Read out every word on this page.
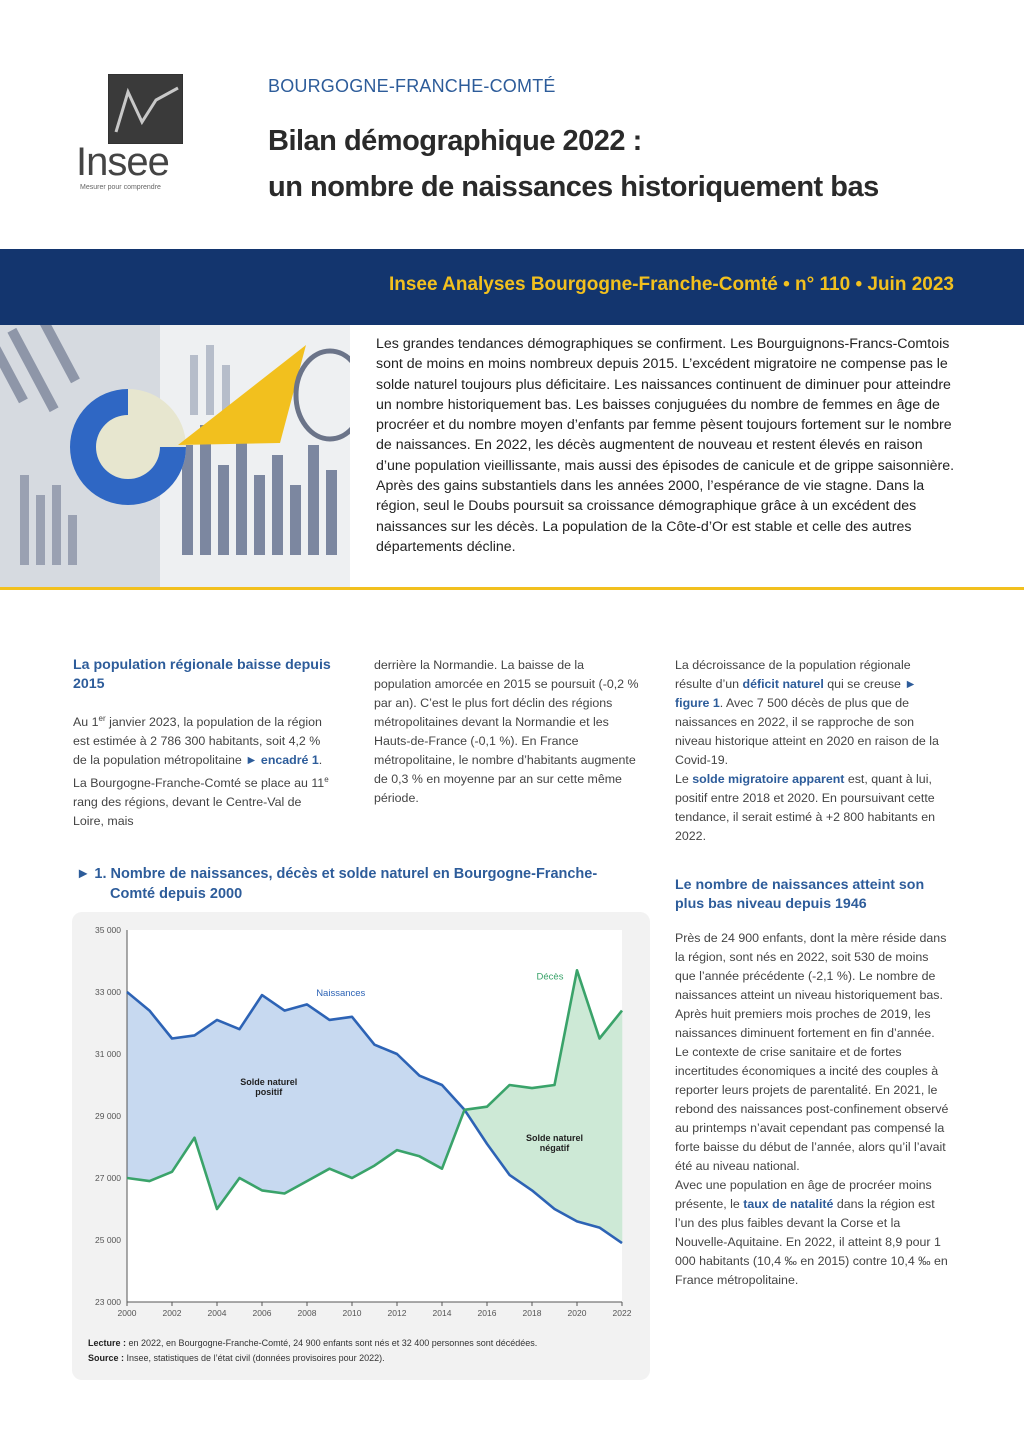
Insee
Mesurer pour comprendre
BOURGOGNE-FRANCHE-COMTÉ
Bilan démographique 2022 :
un nombre de naissances historiquement bas
Insee Analyses Bourgogne-Franche-Comté • n° 110 • Juin 2023
Les grandes tendances démographiques se confirment. Les Bourguignons-Francs-Comtois sont de moins en moins nombreux depuis 2015. L’excédent migratoire ne compense pas le solde naturel toujours plus déficitaire. Les naissances continuent de diminuer pour atteindre un nombre historiquement bas. Les baisses conjuguées du nombre de femmes en âge de procréer et du nombre moyen d’enfants par femme pèsent toujours fortement sur le nombre de naissances. En 2022, les décès augmentent de nouveau et restent élevés en raison d’une population vieillissante, mais aussi des épisodes de canicule et de grippe saisonnière. Après des gains substantiels dans les années 2000, l’espérance de vie stagne. Dans la région, seul le Doubs poursuit sa croissance démographique grâce à un excédent des naissances sur les décès. La population de la Côte-d’Or est stable et celle des autres départements décline.
La population régionale baisse depuis 2015

Au 1er janvier 2023, la population de la région est estimée à 2 786 300 habitants, soit 4,2 % de la population métropolitaine ► encadré 1. La Bourgogne-Franche-Comté se place au 11e rang des régions, devant le Centre-Val de Loire, mais

derrière la Normandie. La baisse de la population amorcée en 2015 se poursuit (-0,2 % par an). C’est le plus fort déclin des régions métropolitaines devant la Normandie et les Hauts-de-France (-0,1 %). En France métropolitaine, le nombre d’habitants augmente de 0,3 % en moyenne par an sur cette même période.

La décroissance de la population régionale résulte d’un déficit naturel qui se creuse ► figure 1. Avec 7 500 décès de plus que de naissances en 2022, il se rapproche de son niveau historique atteint en 2020 en raison de la Covid-19.

Le solde migratoire apparent est, quant à lui, positif entre 2018 et 2020. En poursuivant cette tendance, il serait estimé à +2 800 habitants en 2022.

Le nombre de naissances atteint son plus bas niveau depuis 1946

Près de 24 900 enfants, dont la mère réside dans la région, sont nés en 2022, soit 530 de moins que l’année précédente (-2,1 %). Le nombre de naissances atteint un niveau historiquement bas. Après huit premiers mois proches de 2019, les naissances diminuent fortement en fin d’année.

Le contexte de crise sanitaire et de fortes incertitudes économiques a incité des couples à reporter leurs projets de parentalité. En 2021, le rebond des naissances post-confinement observé au printemps n’avait cependant pas compensé la forte baisse du début de l’année, alors qu’il l’avait été au niveau national.

Avec une population en âge de procréer moins présente, le taux de natalité dans la région est l’un des plus faibles devant la Corse et la Nouvelle-Aquitaine. En 2022, il atteint 8,9 pour 1 000 habitants (10,4 ‰ en 2015) contre 10,4 ‰ en France métropolitaine.

► 1. Nombre de naissances, décès et solde naturel en Bourgogne-Franche-
Comté depuis 2000
23 000
25 000
27 000
29 000
31 000
33 000
35 000
2000	2002	2004	2006	2008	2010	2012	2014	2016	2018	2020	2022
Naissances
Décès
Solde naturel positif
Solde naturel négatif
Lecture : en 2022, en Bourgogne-Franche-Comté, 24 900 enfants sont nés et 32 400 personnes sont décédées.
Source : Insee, statistiques de l’état civil (données provisoires pour 2022).
